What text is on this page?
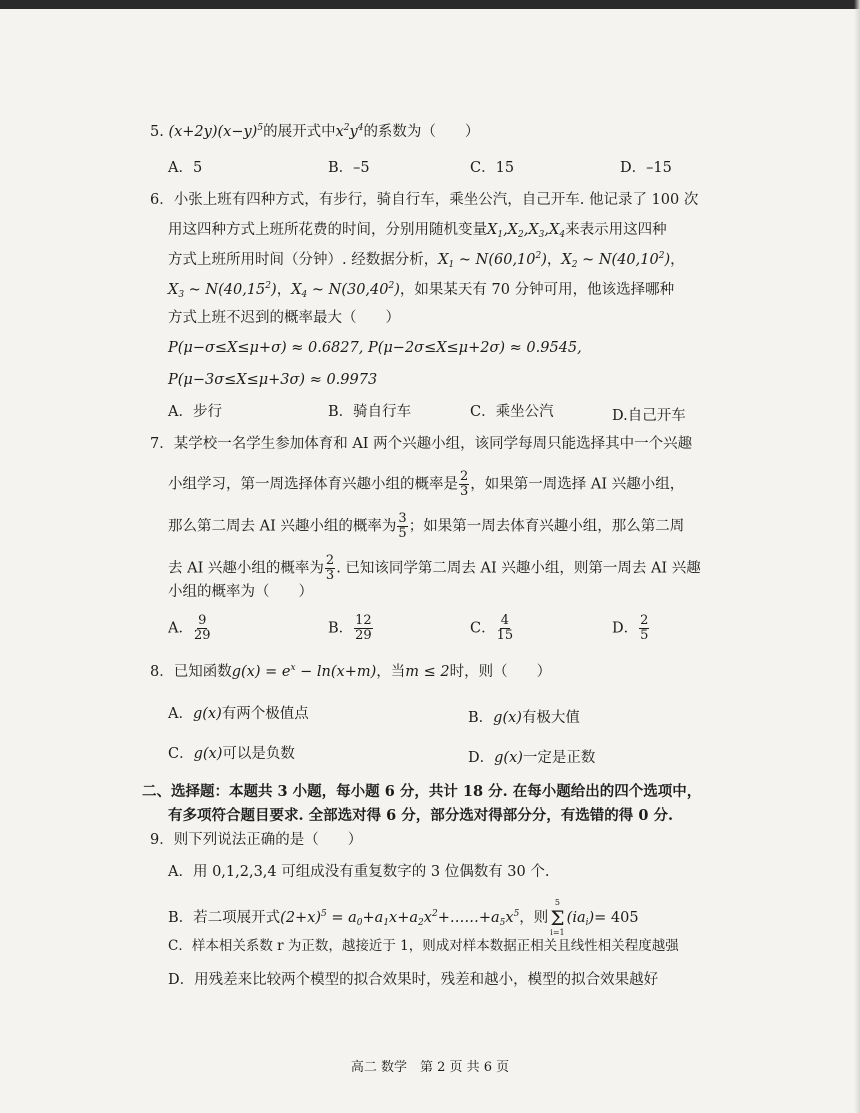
5. $(x+2y)(x-y)^5$的展开式中$x^2y^4$的系数为（　　）
A．5	B．–5	C．15	D．–15
6．小张上班有四种方式，有步行，骑自行车，乘坐公汽，自己开车. 他记录了 100 次
用这四种方式上班所花费的时间，分别用随机变量$X_1,X_2,X_3,X_4$来表示用这四种
方式上班所用时间（分钟）. 经数据分析，$X_1$ ~ N(60,10$^2$)，$X_2$ ~ N(40,10$^2$)，
$X_3$ ~ N(40,15$^2$)，$X_4$ ~ N(30,40$^2$)，如果某天有 70 分钟可用，他该选择哪种
方式上班不迟到的概率最大（　　）
P(μ−σ≤X≤μ+σ) ≈ 0.6827, P(μ−2σ≤X≤μ+2σ) ≈ 0.9545,
P(μ−3σ≤X≤μ+3σ) ≈ 0.9973
A．步行	B．骑自行车	C．乘坐公汽	D.自己开车
7．某学校一名学生参加体育和 AI 两个兴趣小组，该同学每周只能选择其中一个兴趣
小组学习，第一周选择体育兴趣小组的概率是 $\frac{2}{3}$ ，如果第一周选择 AI 兴趣小组，
那么第二周去 AI 兴趣小组的概率为 $\frac{3}{5}$ ；如果第一周去体育兴趣小组，那么第二周
去 AI 兴趣小组的概率为 $\frac{2}{3}$ . 已知该同学第二周去 AI 兴趣小组，则第一周去 AI 兴趣
小组的概率为（　　）
A． $\frac{9}{29}$	B． $\frac{12}{29}$	C． $\frac{4}{15}$	D． $\frac{2}{5}$
8．已知函数$g(x) = e^x - \ln(x+m)$，当m ≤ 2时，则（　　）
A．g(x)有两个极值点	B．g(x)有极大值
C．g(x)可以是负数	D．g(x)一定是正数
二、选择题：本题共 3 小题，每小题 6 分，共计 18 分. 在每小题给出的四个选项中，
有多项符合题目要求. 全部选对得 6 分，部分选对得部分分，有选错的得 0 分.
9．则下列说法正确的是（　　）
A．用 0,1,2,3,4 可组成没有重复数字的 3 位偶数有 30 个.
B．若二项展开式$(2+x)^5$ = $a_0+a_1x+a_2x^2+\dots\dots+a_5x^5$，则
5
Σ
i=1
$(ia_i)= 405$
C．样本相关系数 r 为正数，越接近于 1，则成对样本数据正相关且线性相关程度越强
D．用残差来比较两个模型的拟合效果时，残差和越小，模型的拟合效果越好
高二 数学　第 2 页 共 6 页
